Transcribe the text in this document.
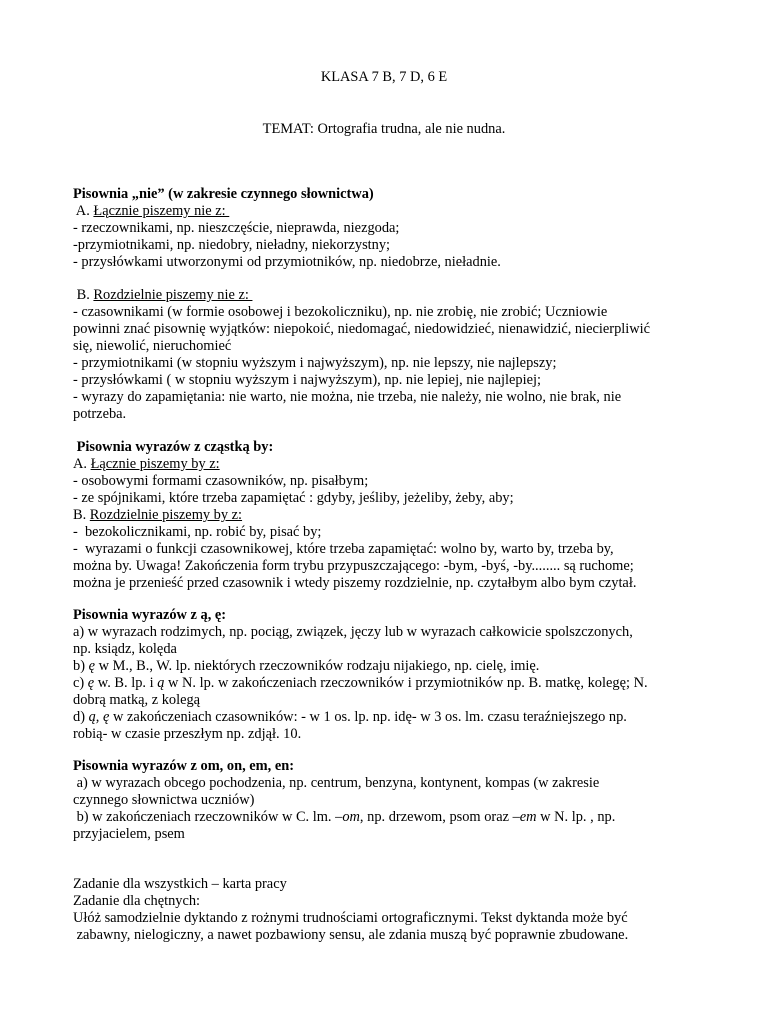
KLASA 7 B, 7 D, 6 E
TEMAT: Ortografia trudna, ale nie nudna.
Pisownia „nie” (w zakresie czynnego słownictwa)
A. Łącznie piszemy nie z:
- rzeczownikami, np. nieszczęście, nieprawda, niezgoda;
-przymiotnikami, np. niedobry, nieładny, niekorzystny;
- przysłówkami utworzonymi od przymiotników, np. niedobrze, nieładnie.
B. Rozdzielnie piszemy nie z:
- czasownikami (w formie osobowej i bezokoliczniku), np. nie zrobię, nie zrobić; Uczniowie
powinni znać pisownię wyjątków: niepokoić, niedomagać, niedowidzieć, nienawidzić, niecierpliwić
się, niewolić, nieruchomieć
- przymiotnikami (w stopniu wyższym i najwyższym), np. nie lepszy, nie najlepszy;
- przysłówkami ( w stopniu wyższym i najwyższym), np. nie lepiej, nie najlepiej;
- wyrazy do zapamiętania: nie warto, nie można, nie trzeba, nie należy, nie wolno, nie brak, nie
potrzeba.
Pisownia wyrazów z cząstką by:
A. Łącznie piszemy by z:
- osobowymi formami czasowników, np. pisałbym;
- ze spójnikami, które trzeba zapamiętać : gdyby, jeśliby, jeżeliby, żeby, aby;
B. Rozdzielnie piszemy by z:
-  bezokolicznikami, np. robić by, pisać by;
-  wyrazami o funkcji czasownikowej, które trzeba zapamiętać: wolno by, warto by, trzeba by,
można by. Uwaga! Zakończenia form trybu przypuszczającego: -bym, -byś, -by........ są ruchome;
można je przenieść przed czasownik i wtedy piszemy rozdzielnie, np. czytałbym albo bym czytał.
Pisownia wyrazów z ą, ę:
a) w wyrazach rodzimych, np. pociąg, związek, jęczy lub w wyrazach całkowicie spolszczonych,
np. ksiądz, kolęda
b) ę w M., B., W. lp. niektórych rzeczowników rodzaju nijakiego, np. cielę, imię.
c) ę w. B. lp. i ą w N. lp. w zakończeniach rzeczowników i przymiotników np. B. matkę, kolegę; N.
dobrą matką, z kolegą
d) ą, ę w zakończeniach czasowników: - w 1 os. lp. np. idę- w 3 os. lm. czasu teraźniejszego np.
robią- w czasie przeszłym np. zdjął. 10.
Pisownia wyrazów z om, on, em, en:
a) w wyrazach obcego pochodzenia, np. centrum, benzyna, kontynent, kompas (w zakresie
czynnego słownictwa uczniów)
b) w zakończeniach rzeczowników w C. lm. –om, np. drzewom, psom oraz –em w N. lp. , np.
przyjacielem, psem
Zadanie dla wszystkich – karta pracy
Zadanie dla chętnych:
Ułóż samodzielnie dyktando z rożnymi trudnościami ortograficznymi. Tekst dyktanda może być
zabawny, nielogiczny, a nawet pozbawiony sensu, ale zdania muszą być poprawnie zbudowane.
